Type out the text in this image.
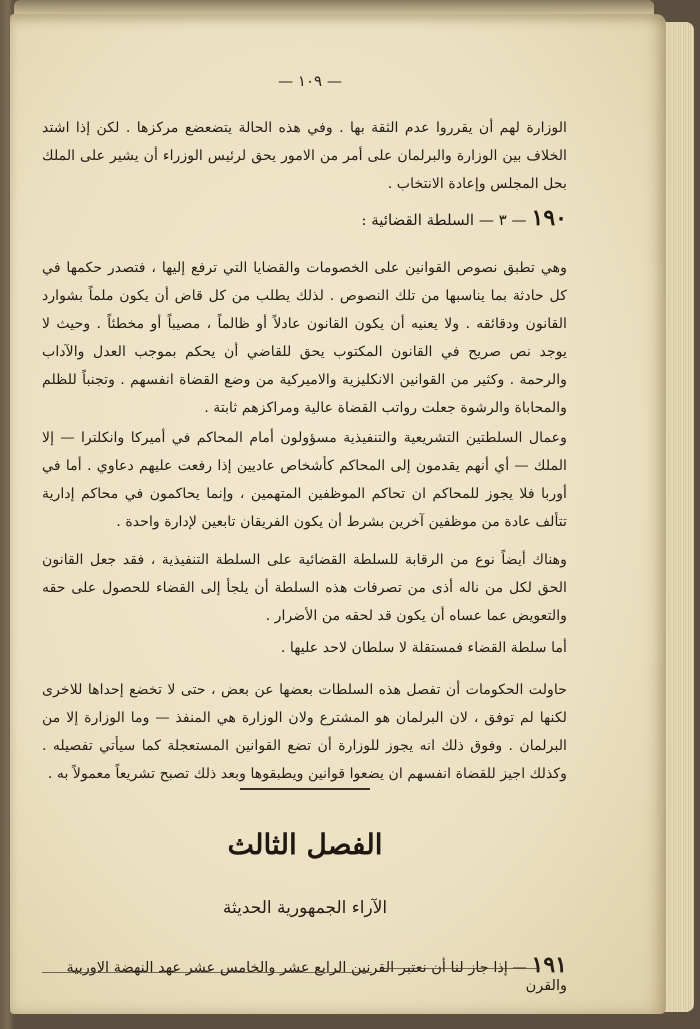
— ١٠٩ —
الوزارة لهم أن يقرروا عدم الثقة بها . وفي هذه الحالة يتضعضع مركزها . لكن إذا اشتد الخلاف بين الوزارة والبرلمان على أمر من الامور يحق لرئيس الوزراء أن يشير على الملك بحل المجلس وإعادة الانتخاب .
١٩٠ — ٣ — السلطة القضائية :
وهي تطبق نصوص القوانين على الخصومات والقضايا التي ترفع إليها ، فتصدر حكمها في كل حادثة بما يناسبها من تلك النصوص . لذلك يطلب من كل قاض أن يكون ملماً بشوارد القانون ودقائقه . ولا يعنيه أن يكون القانون عادلاً أو ظالماً ، مصيباً أو مخطئاً . وحيث لا يوجد نص صريح في القانون المكتوب يحق للقاضي أن يحكم بموجب العدل والآداب والرحمة . وكثير من القوانين الانكليزية والاميركية من وضع القضاة انفسهم . وتجنباً للظلم والمحاباة والرشوة جعلت رواتب القضاة عالية ومراكزهم ثابتة .
وعمال السلطتين التشريعية والتنفيذية مسؤولون أمام المحاكم في أميركا وانكلترا — إلا الملك — أي أنهم يقدمون إلى المحاكم كأشخاص عاديين إذا رفعت عليهم دعاوي . أما في أوربا فلا يجوز للمحاكم ان تحاكم الموظفين المتهمين ، وإنما يحاكمون في محاكم إدارية تتألف عادة من موظفين آخرين بشرط أن يكون الفريقان تابعين لإدارة واحدة .
وهناك أيضاً نوع من الرقابة للسلطة القضائية على السلطة التنفيذية ، فقد جعل القانون الحق لكل من ناله أذى من تصرفات هذه السلطة أن يلجأ إلى القضاء للحصول على حقه والتعويض عما عساه أن يكون قد لحقه من الأضرار .
أما سلطة القضاء فمستقلة لا سلطان لاحد عليها .
حاولت الحكومات أن تفصل هذه السلطات بعضها عن بعض ، حتى لا تخضع إحداها للاخرى لكنها لم توفق ، لان البرلمان هو المشترع ولان الوزارة هي المنفذ — وما الوزارة إلا من البرلمان . وفوق ذلك انه يجوز للوزارة أن تضع القوانين المستعجلة كما سيأتي تفصيله . وكذلك اجيز للقضاة انفسهم ان يضعوا قوانين ويطبقوها وبعد ذلك تصبح تشريعاً معمولاً به .
الفصل الثالث
الآراء الجمهورية الحديثة
١٩١ — إذا جاز لنا أن نعتبر القرنين الرابع عشر والخامس عشر عهد النهضة الاوربية والقرن
